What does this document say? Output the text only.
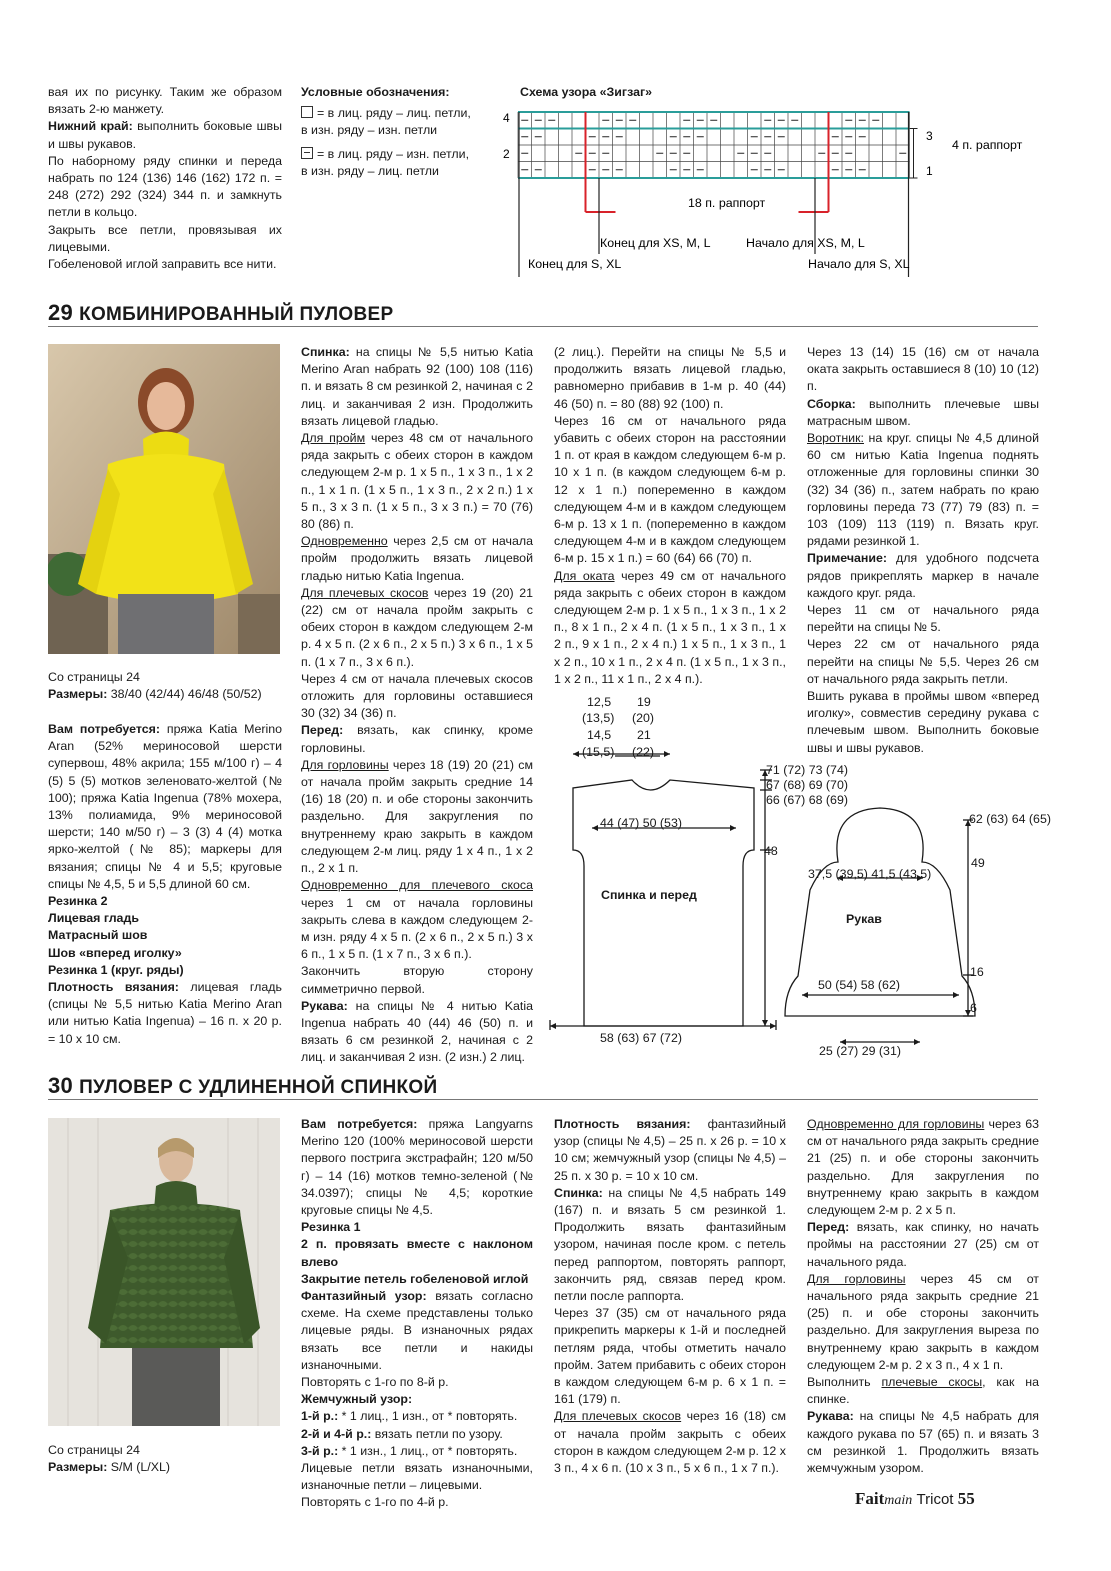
вая их по рисунку. Таким же образом вязать 2-ю манжету.
Нижний край: выполнить боковые швы и швы рукавов.
По наборному ряду спинки и переда набрать по 124 (136) 146 (162) 172 п. = 248 (272) 292 (324) 344 п. и замкнуть петли в кольцо.
Закрыть все петли, провязывая их лицевыми.
Гобеленовой иглой заправить все нити.
Условные обозначения:
= в лиц. ряду – лиц. петли,
в изн. ряду – изн. петли
= в лиц. ряду – изн. петли,
в изн. ряду – лиц. петли
Схема узора «Зигзаг»
4
2
3
1
4 п. раппорт
18 п. раппорт
Конец для XS, M, L	Начало для XS, M, L
Конец для S, XL	Начало для S, XL
29 КОМБИНИРОВАННЫЙ ПУЛОВЕР
Со страницы 24
Размеры: 38/40 (42/44) 46/48 (50/52)
Вам потребуется: пряжа Katia Merino Aran (52% мериносовой шерсти супервош, 48% акрила; 155 м/100 г) – 4 (5) 5 (5) мотков зеленовато-желтой (№ 100); пряжа Katia Ingenua (78% мохера, 13% полиамида, 9% мериносовой шерсти; 140 м/50 г) – 3 (3) 4 (4) мотка ярко-желтой (№ 85); маркеры для вязания; спицы № 4 и 5,5; круговые спицы № 4,5, 5 и 5,5 длиной 60 см.
Резинка 2
Лицевая гладь
Матрасный шов
Шов «вперед иголку»
Резинка 1 (круг. ряды)
Плотность вязания: лицевая гладь (спицы № 5,5 нитью Katia Merino Aran или нитью Katia Ingenua) – 16 п. x 20 р. = 10 x 10 см.
Спинка: на спицы № 5,5 нитью Katia Merino Aran набрать 92 (100) 108 (116) п. и вязать 8 см резинкой 2, начиная с 2 лиц. и заканчивая 2 изн. Продолжить вязать лицевой гладью.
Для пройм через 48 см от начального ряда закрыть с обеих сторон в каждом следующем 2-м р. 1 x 5 п., 1 x 3 п., 1 x 2 п., 1 x 1 п. (1 x 5 п., 1 x 3 п., 2 x 2 п.) 1 x 5 п., 3 x 3 п. (1 x 5 п., 3 x 3 п.) = 70 (76) 80 (86) п.
Одновременно через 2,5 см от начала пройм продолжить вязать лицевой гладью нитью Katia Ingenua.
Для плечевых скосов через 19 (20) 21 (22) см от начала пройм закрыть с обеих сторон в каждом следующем 2-м р. 4 x 5 п. (2 x 6 п., 2 x 5 п.) 3 x 6 п., 1 x 5 п. (1 x 7 п., 3 x 6 п.).
Через 4 см от начала плечевых скосов отложить для горловины оставшиеся 30 (32) 34 (36) п.
Перед: вязать, как спинку, кроме горловины.
Для горловины через 18 (19) 20 (21) см от начала пройм закрыть средние 14 (16) 18 (20) п. и обе стороны закончить раздельно. Для закругления по внутреннему краю закрыть в каждом следующем 2-м лиц. ряду 1 x 4 п., 1 x 2 п., 2 x 1 п.
Одновременно для плечевого скоса через 1 см от начала горловины закрыть слева в каждом следующем 2-м изн. ряду 4 x 5 п. (2 x 6 п., 2 x 5 п.) 3 x 6 п., 1 x 5 п. (1 x 7 п., 3 x 6 п.).
Закончить вторую сторону симметрично первой.
Рукава: на спицы № 4 нитью Katia Ingenua набрать 40 (44) 46 (50) п. и вязать 6 см резинкой 2, начиная с 2 лиц. и заканчивая 2 изн. (2 изн.) 2 лиц.
(2 лиц.). Перейти на спицы № 5,5 и продолжить вязать лицевой гладью, равномерно прибавив в 1-м р. 40 (44) 46 (50) п. = 80 (88) 92 (100) п.
Через 16 см от начального ряда убавить с обеих сторон на расстоянии 1 п. от края в каждом следующем 6-м р. 10 x 1 п. (в каждом следующем 6-м р. 12 x 1 п.) попеременно в каждом следующем 4-м и в каждом следующем 6-м р. 13 x 1 п. (попеременно в каждом следующем 4-м и в каждом следующем 6-м р. 15 x 1 п.) = 60 (64) 66 (70) п.
Для оката через 49 см от начального ряда закрыть с обеих сторон в каждом следующем 2-м р. 1 x 5 п., 1 x 3 п., 1 x 2 п., 8 x 1 п., 2 x 4 п. (1 x 5 п., 1 x 3 п., 1 x 2 п., 9 x 1 п., 2 x 4 п.) 1 x 5 п., 1 x 3 п., 1 x 2 п., 10 x 1 п., 2 x 4 п. (1 x 5 п., 1 x 3 п., 1 x 2 п., 11 x 1 п., 2 x 4 п.).
Через 13 (14) 15 (16) см от начала оката закрыть оставшиеся 8 (10) 10 (12) п.
Сборка: выполнить плечевые швы матрасным швом.
Воротник: на круг. спицы № 4,5 длиной 60 см нитью Katia Ingenua поднять отложенные для горловины спинки 30 (32) 34 (36) п., затем набрать по краю горловины переда 73 (77) 79 (83) п. = 103 (109) 113 (119) п. Вязать круг. рядами резинкой 1.
Примечание: для удобного подсчета рядов прикреплять маркер в начале каждого круг. ряда.
Через 11 см от начального ряда перейти на спицы № 5.
Через 22 см от начального ряда перейти на спицы № 5,5. Через 26 см от начального ряда закрыть петли.
Вшить рукава в проймы швом «вперед иголку», совместив середину рукава с плечевым швом. Выполнить боковые швы и швы рукавов.
12,5
(13,5)
14,5
(15,5)
19
(20)
21
(22)
71 (72) 73 (74)
67 (68) 69 (70)
66 (67) 68 (69)
44 (47) 50 (53)
48
Спинка и перед
58 (63) 67 (72)
62 (63) 64 (65)
49
37,5 (39,5) 41,5 (43,5)
Рукав
16
50 (54) 58 (62)
6
25 (27) 29 (31)
30 ПУЛОВЕР С УДЛИНЕННОЙ СПИНКОЙ
Со страницы 24
Размеры: S/M (L/XL)
Вам потребуется: пряжа Langyarns Merino 120 (100% мериносовой шерсти первого пострига экстрафайн; 120 м/50 г) – 14 (16) мотков темно-зеленой (№ 34.0397); спицы № 4,5; короткие круговые спицы № 4,5.
Резинка 1
2 п. провязать вместе с наклоном влево
Закрытие петель гобеленовой иглой
Фантазийный узор: вязать согласно схеме. На схеме представлены только лицевые ряды. В изнаночных рядах вязать все петли и накиды изнаночными.
Повторять с 1-го по 8-й р.
Жемчужный узор:
1-й р.: * 1 лиц., 1 изн., от * повторять.
2-й и 4-й р.: вязать петли по узору.
3-й р.: * 1 изн., 1 лиц., от * повторять.
Лицевые петли вязать изнаночными, изнаночные петли – лицевыми.
Повторять с 1-го по 4-й р.
Плотность вязания: фантазийный узор (спицы № 4,5) – 25 п. x 26 р. = 10 x 10 см; жемчужный узор (спицы № 4,5) – 25 п. x 30 р. = 10 x 10 см.
Спинка: на спицы № 4,5 набрать 149 (167) п. и вязать 5 см резинкой 1. Продолжить вязать фантазийным узором, начиная после кром. с петель перед раппортом, повторять раппорт, закончить ряд, связав перед кром. петли после раппорта.
Через 37 (35) см от начального ряда прикрепить маркеры к 1-й и последней петлям ряда, чтобы отметить начало пройм. Затем прибавить с обеих сторон в каждом следующем 6-м р. 6 x 1 п. = 161 (179) п.
Для плечевых скосов через 16 (18) см от начала пройм закрыть с обеих сторон в каждом следующем 2-м р. 12 x 3 п., 4 x 6 п. (10 x 3 п., 5 x 6 п., 1 x 7 п.).
Одновременно для горловины через 63 см от начального ряда закрыть средние 21 (25) п. и обе стороны закончить раздельно. Для закругления по внутреннему краю закрыть в каждом следующем 2-м р. 2 x 5 п.
Перед: вязать, как спинку, но начать проймы на расстоянии 27 (25) см от начального ряда.
Для горловины через 45 см от начального ряда закрыть средние 21 (25) п. и обе стороны закончить раздельно. Для закругления выреза по внутреннему краю закрыть в каждом следующем 2-м р. 2 x 3 п., 4 x 1 п.
Выполнить плечевые скосы, как на спинке.
Рукава: на спицы № 4,5 набрать для каждого рукава по 57 (65) п. и вязать 3 см резинкой 1. Продолжить вязать жемчужным узором.
Faitmain Tricot 55
